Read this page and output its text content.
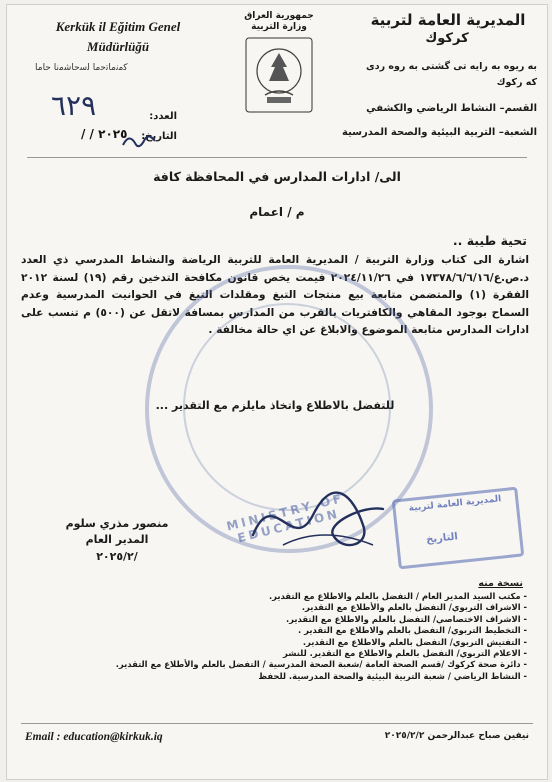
Kerkük il Eğitim Genel Müdürlüğü
ﮐﻣﻧﻣﺎﺗﺣﻣﺎ ﻟﺳﺣﺎﺷﻣﻧﺎ ﺣﺎﻣﺎ
جمهورية العراق وزارة التربية	المديرية العامة لتربية
كركوك
به ريوه به رايه تى گشتى به روه ردى
كه ركوك
القسم– النشاط الرياضي والكشفي
الشعبة– التربية البيئية والصحة المدرسية
العدد:
التاريخ:
٦٢٩
/ / ٢٠٢٥
الى/ ادارات المدارس في المحافظة كافة
م / اعمام
تحية طيبة ..
اشارة الى كتاب وزارة التربية / المديرية العامة للتربية الرياضة والنشاط المدرسي ذي العدد د.ص.ع/١٧٣٧٨/٦/٦/١٦ في ٢٠٢٤/١١/٢٦ فيمت يخص قانون مكافحة التدخين رقم (١٩) لسنة ٢٠١٢ الفقرة (١) والمتضمن متابعة بيع منتجات التبغ ومقلدات التبغ في الحوانيت المدرسية وعدم السماح بوجود المقاهي والكافتريات بالقرب من المدارس بمسافة لاتقل عن (٥٠٠) م تنسب على ادارات المدارس متابعة الموضوع والابلاغ عن اي حالة مخالفة .
للتفضل بالاطلاع واتخاذ مايلزم مع التقدير ...
MINISTRY OF EDUCATION
المديرية العامة لتربية
التاريخ
منصور مذري سلوم
المدير العام
٢٠٢٥/٢/
نسخة منه
- مكتب السيد المدير العام / التفضل بالعلم والاطلاع مع التقدير.
- الاشراف التربوي/ التفضل بالعلم والأطلاع مع التقدير.
- الاشراف الاختصاصي/ التفضل بالعلم والاطلاع مع التقدير.
- التخطيط التربوي/ التفضل بالعلم والاطلاع مع التقدير .
- التفتيش التربوي/ التفضل بالعلم والاطلاع مع التقدير.
- الاعلام التربوي/ التفضل بالعلم والاطلاع مع التقدير. للنشر
- دائرة صحة كركوك /قسم الصحة العامة /شعبة الصحة المدرسية / التفضل بالعلم والأطلاع مع التقدير.
- النشاط الرياضي / شعبة التربية البيئية والصحة المدرسية. للحفظ
Email : education@kirkuk.iq	نيفين صباح عبدالرحمن ٢٠٢٥/٢/٢
